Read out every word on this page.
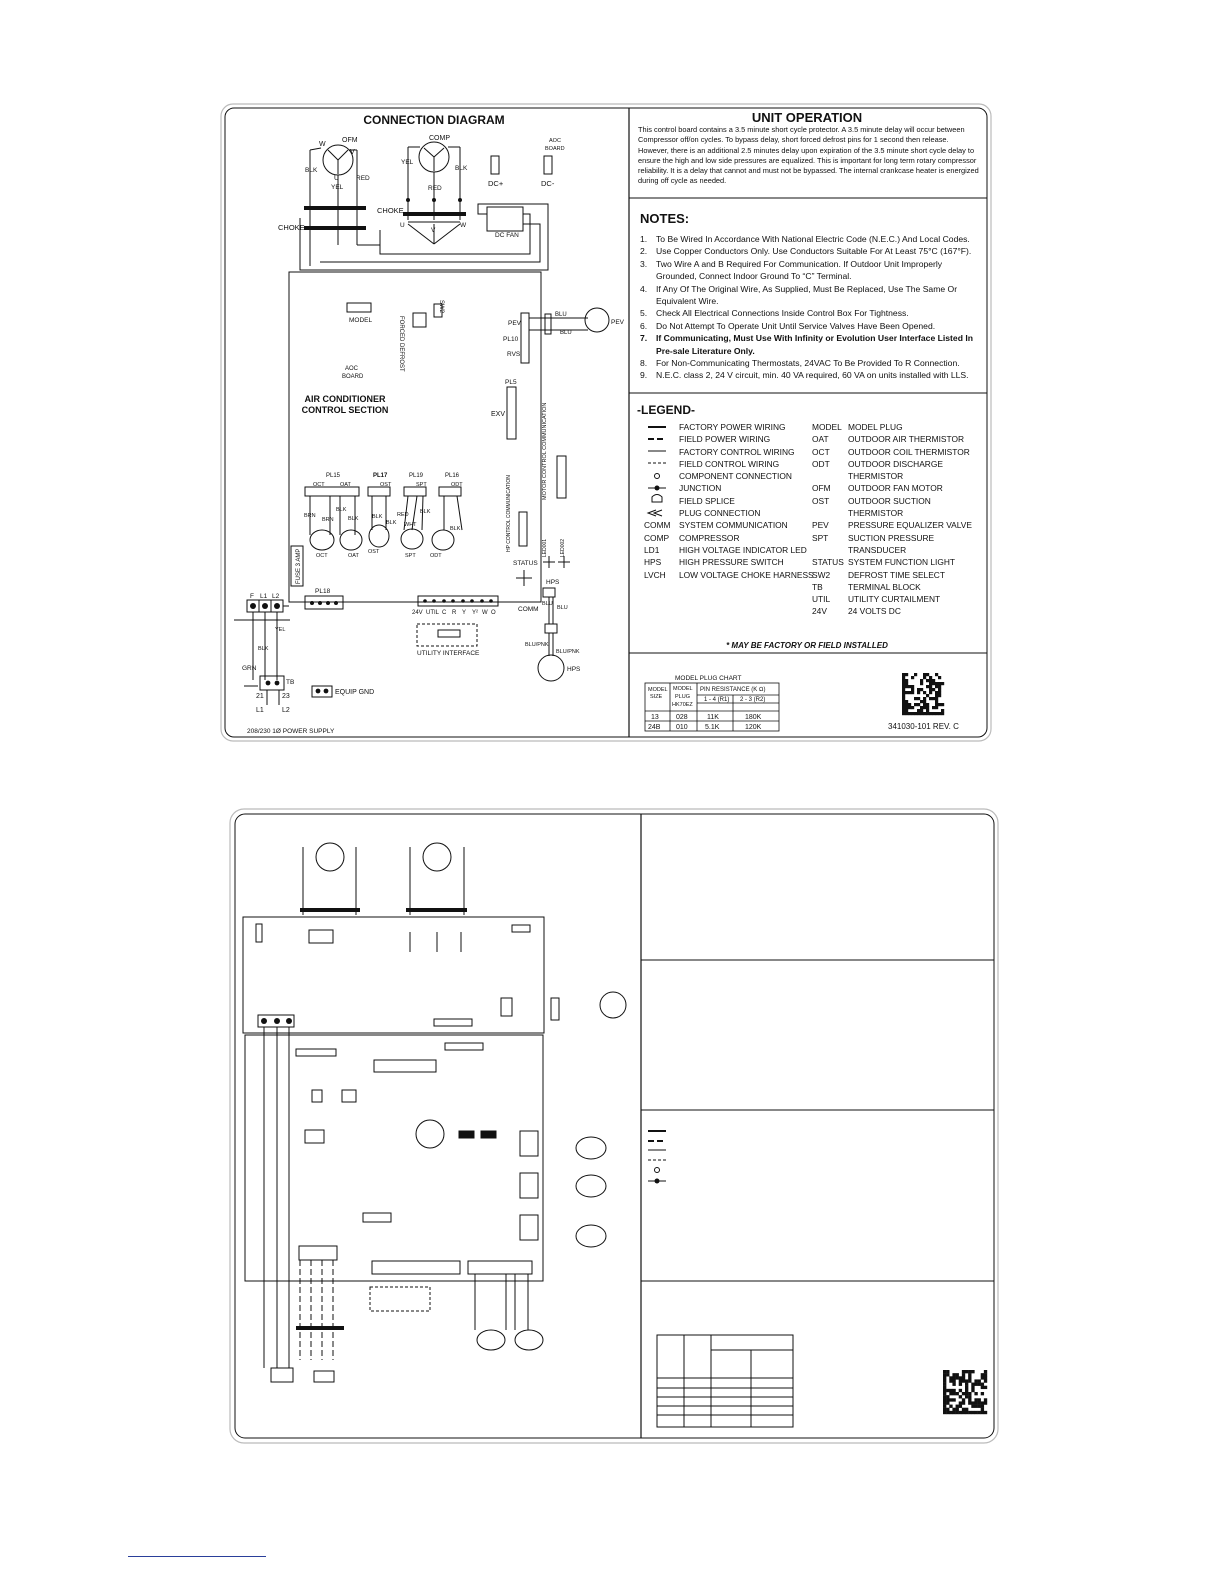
CONNECTION DIAGRAM
OFM
W
V
U
BLK
YEL
RED
CHOKE
CHOKE
COMP
YEL
BLK
RED
U
V
W
DC+	DC-
AOC
BOARD
DC FAN
MODEL	FORCED DEFROST
SW2
AOC
BOARD
AIR CONDITIONER
CONTROL SECTION
PEV
PL10
RVS
BLU
BLU
PEV
PL5
EXV	MOTOR CONTROL COMMUNICATION
HP CONTROL COMMUNICATION	LED001 LED002
STATUS
COMM
HPS
PL15	PL17	PL19	PL16
OCT	OAT	OST	SPT	ODT
BRN
BRN
BLK
BLK BLK
BLK
RED
WHT
BLK
BLK
OCT	OAT
OST
SPT	ODT
FUSE 3 AMP
PL18
24V UTIL C R Y Y² W O
UTILITY INTERFACE
BLU
BLU
BLU/PNK
BLU/PNK
HPS
F L1 L2
YEL
BLK
GRN
TB
21	23
EQUIP GND
L1	L2
208/230 1Ø POWER SUPPLY
MODEL PLUG CHART
MODEL
SIZE
MODEL
PLUG
HK70EZ
PIN RESISTANCE (K Ω)
1 - 4 (R1) 2 - 3 (R2)
13 028	11K	180K
24B 010 5.1K	120K
UNIT OPERATION
This control board contains a 3.5 minute short cycle protector. A 3.5 minute delay will occur between Compressor off/on cycles. To bypass delay, short forced defrost pins for 1 second then release. However, there is an additional 2.5 minutes delay upon expiration of the 3.5 minute short cycle delay to ensure the high and low side pressures are equalized. This is important for long term rotary compressor reliability. It is a delay that cannot and must not be bypassed. The internal crankcase heater is energized during off cycle as needed.
NOTES:
1. To Be Wired In Accordance With National Electric Code (N.E.C.) And Local Codes.
2. Use Copper Conductors Only. Use Conductors Suitable For At Least 75°C (167°F).
3. Two Wire A and B Required For Communication. If Outdoor Unit Improperly Grounded, Connect Indoor Ground To “C” Terminal.
4. If Any Of The Original Wire, As Supplied, Must Be Replaced, Use The Same Or Equivalent Wire.
5. Check All Electrical Connections Inside Control Box For Tightness.
6. Do Not Attempt To Operate Unit Until Service Valves Have Been Opened.
7. If Communicating, Must Use With Infinity or Evolution User Interface Listed In Pre-sale Literature Only.
8. For Non-Communicating Thermostats, 24VAC To Be Provided To R Connection.
9. N.E.C. class 2, 24 V circuit, min. 40 VA required, 60 VA on units installed with LLS.
-LEGEND-
FACTORY POWER WIRING
FIELD POWER WIRING
FACTORY CONTROL WIRING
FIELD CONTROL WIRING
COMPONENT CONNECTION
JUNCTION
FIELD SPLICE
PLUG CONNECTION
COMM	SYSTEM COMMUNICATION
COMP	COMPRESSOR
LD1	HIGH VOLTAGE INDICATOR LED
HPS	HIGH PRESSURE SWITCH
LVCH	LOW VOLTAGE CHOKE HARNESS
MODEL MODEL PLUG
OAT	OUTDOOR AIR THERMISTOR
OCT	OUTDOOR COIL THERMISTOR
ODT	OUTDOOR DISCHARGE THERMISTOR
OFM	OUTDOOR FAN MOTOR
OST	OUTDOOR SUCTION THERMISTOR
PEV	PRESSURE EQUALIZER VALVE
SPT	SUCTION PRESSURE
TRANSDUCER
STATUS SYSTEM FUNCTION LIGHT
SW2	DEFROST TIME SELECT
TB	TERMINAL BLOCK
UTIL	UTILITY CURTAILMENT
24V	24 VOLTS DC
* MAY BE FACTORY OR FIELD INSTALLED
341030-101 REV. C
